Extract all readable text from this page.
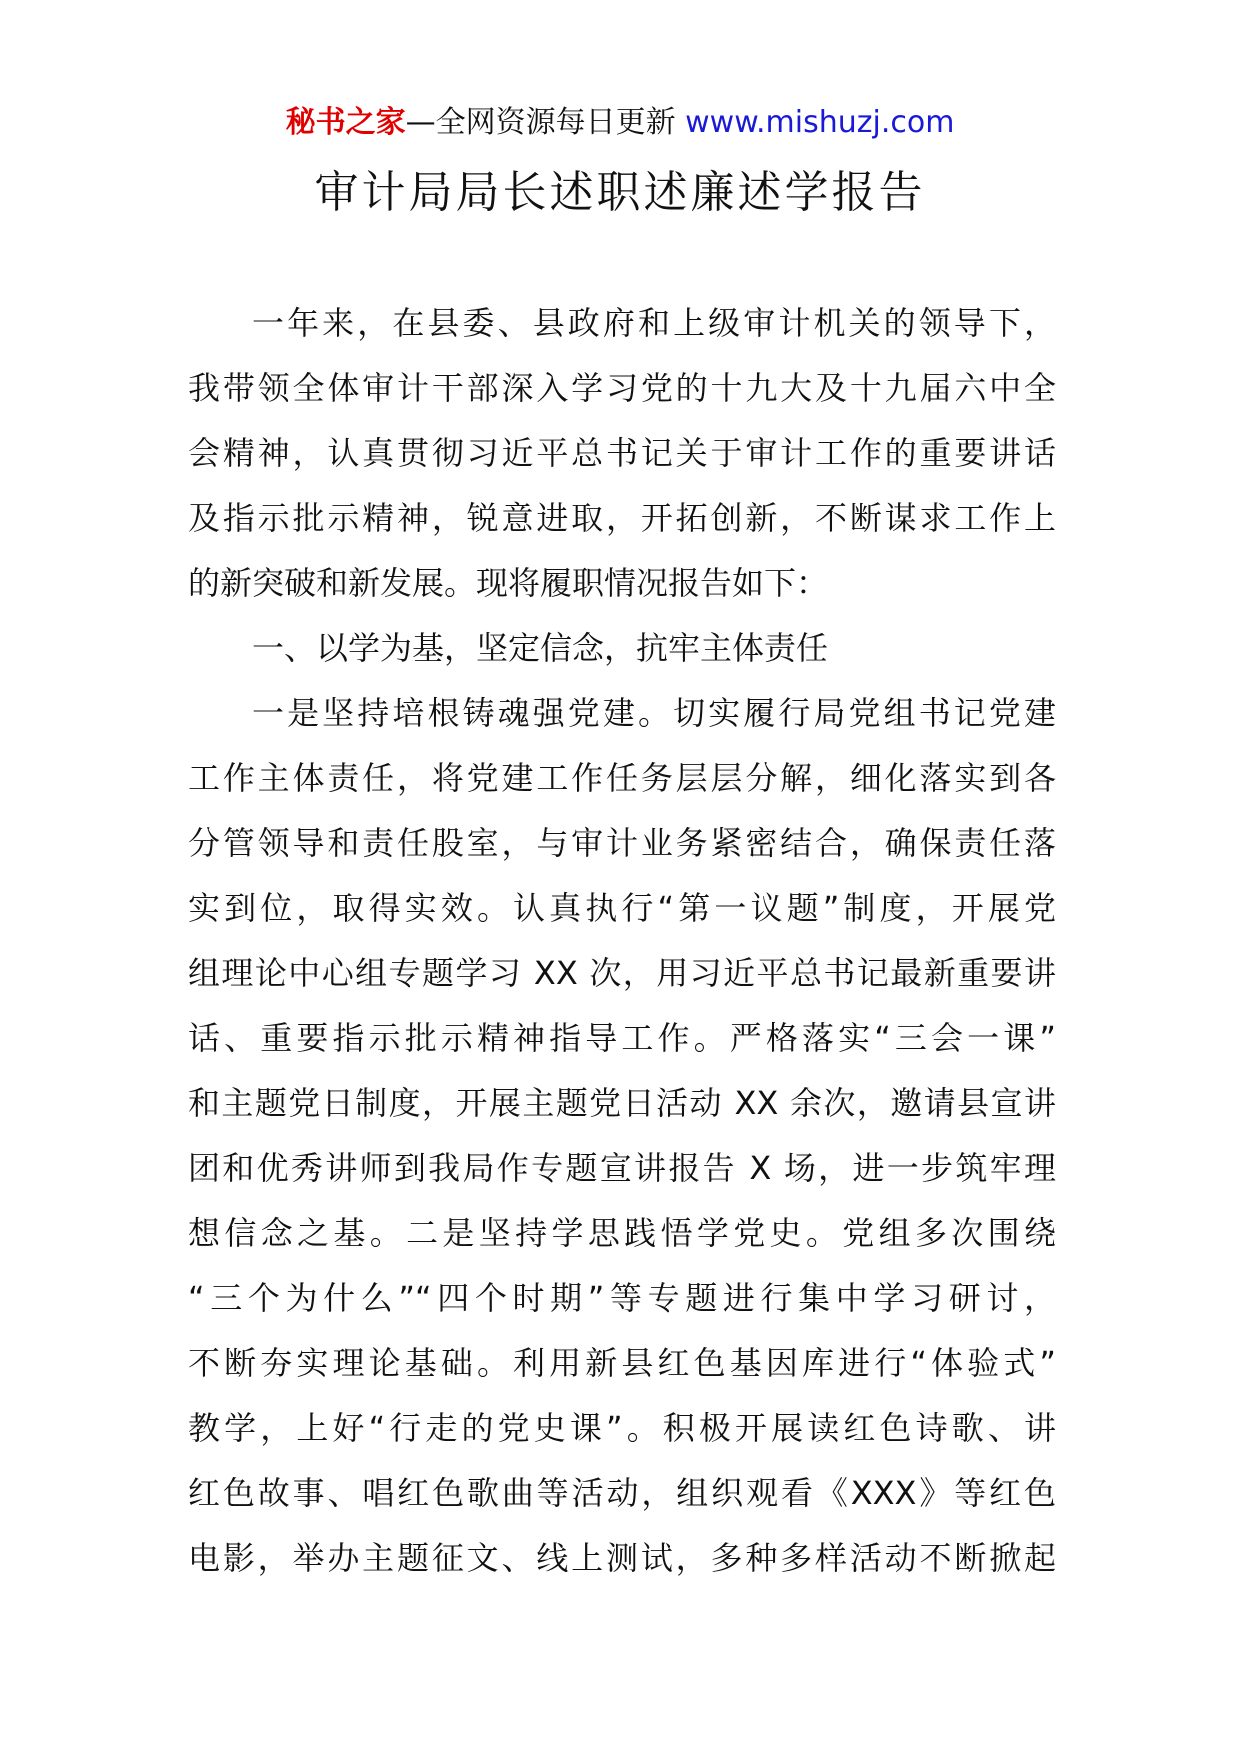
秘书之家—全网资源每日更新 www.mishuzj.com
审计局局长述职述廉述学报告
一年来，在县委、县政府和上级审计机关的领导下，
我带领全体审计干部深入学习党的十九大及十九届六中全
会精神，认真贯彻习近平总书记关于审计工作的重要讲话
及指示批示精神，锐意进取，开拓创新，不断谋求工作上
的新突破和新发展。现将履职情况报告如下：
一、以学为基，坚定信念，抗牢主体责任
一是坚持培根铸魂强党建。切实履行局党组书记党建
工作主体责任，将党建工作任务层层分解，细化落实到各
分管领导和责任股室，与审计业务紧密结合，确保责任落
实到位，取得实效。认真执行“第一议题”制度，开展党
组理论中心组专题学习 XX 次，用习近平总书记最新重要讲
话、重要指示批示精神指导工作。严格落实“三会一课”
和主题党日制度，开展主题党日活动 XX 余次，邀请县宣讲
团和优秀讲师到我局作专题宣讲报告 X 场，进一步筑牢理
想信念之基。二是坚持学思践悟学党史。党组多次围绕
“三个为什么”“四个时期”等专题进行集中学习研讨，
不断夯实理论基础。利用新县红色基因库进行“体验式”
教学，上好“行走的党史课”。积极开展读红色诗歌、讲
红色故事、唱红色歌曲等活动，组织观看《XXX》等红色
电影，举办主题征文、线上测试，多种多样活动不断掀起
